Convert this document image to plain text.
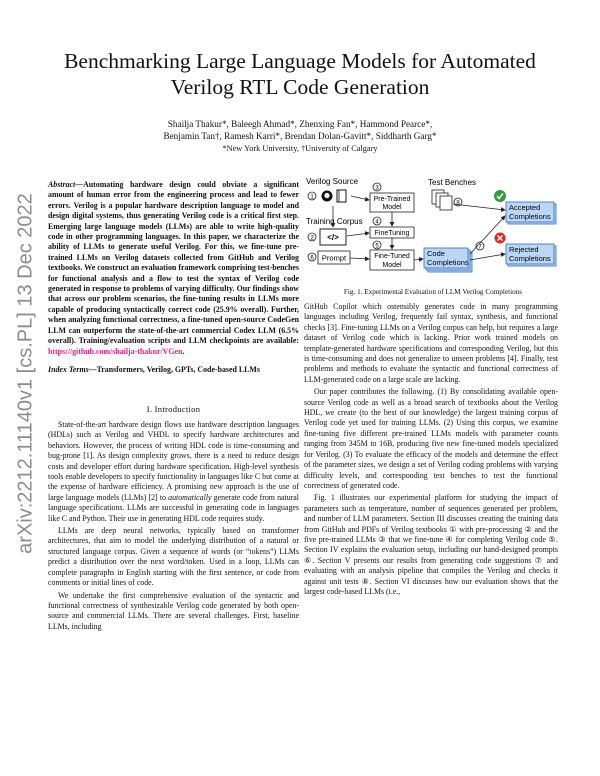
Benchmarking Large Language Models for Automated Verilog RTL Code Generation
Shailja Thakur*, Baleegh Ahmad*, Zhenxing Fan*, Hammond Pearce*,
Benjamin Tan†, Ramesh Karri*, Brendan Dolan-Gavitt*, Siddharth Garg*
*New York University, †University of Calgary
arXiv:2212.11140v1 [cs.PL] 13 Dec 2022
Abstract—Automating hardware design could obviate a significant amount of human error from the engineering process and lead to fewer errors. Verilog is a popular hardware description language to model and design digital systems, thus generating Verilog code is a critical first step. Emerging large language models (LLMs) are able to write high-quality code in other programming languages. In this paper, we characterize the ability of LLMs to generate useful Verilog. For this, we fine-tune pre-trained LLMs on Verilog datasets collected from GitHub and Verilog textbooks. We construct an evaluation framework comprising test-benches for functional analysis and a flow to test the syntax of Verilog code generated in response to problems of varying difficulty. Our findings show that across our problem scenarios, the fine-tuning results in LLMs more capable of producing syntactically correct code (25.9% overall). Further, when analyzing functional correctness, a fine-tuned open-source CodeGen LLM can outperform the state-of-the-art commercial Codex LLM (6.5% overall). Training/evaluation scripts and LLM checkpoints are available: https://github.com/shailja-thakur/VGen.
Index Terms—Transformers, Verilog, GPTs, Code-based LLMs
I. Introduction

State-of-the-art hardware design flows use hardware description languages (HDLs) such as Verilog and VHDL to specify hardware architectures and behaviors. However, the process of writing HDL code is time-consuming and bug-prone [1]. As design complexity grows, there is a need to reduce design costs and developer effort during hardware specification. High-level synthesis tools enable developers to specify functionality in languages like C but come at the expense of hardware efficiency. A promising new approach is the use of large language models (LLMs) [2] to automatically generate code from natural language specifications. LLMs are successful in generating code in languages like C and Python. Their use in generating HDL code requires study.

LLMs are deep neural networks, typically based on transformer architectures, that aim to model the underlying distribution of a natural or structured language corpus. Given a sequence of words (or “tokens”) LLMs predict a distribution over the next word/token. Used in a loop, LLMs can complete paragraphs in English starting with the first sentence, or code from comments or initial lines of code.

We undertake the first comprehensive evaluation of the syntactic and functional correctness of synthesizable Verilog code generated by both open-source and commercial LLMs. There are several challenges. First, baseline LLMs, including

Verilog Source	Test Benches
Training Corpus
1
3
Pre-Trained
Model
2 </>
4
FineTuning
5
6 Prompt	Fine-Tuned
Model
8
Code
Completions
7
Accepted
Completions
Rejected
Completions
Fig. 1. Experimental Evaluation of LLM Verilog Completions

GitHub Copilot which ostensibly generates code in many programming languages including Verilog, frequently fail syntax, synthesis, and functional checks [3]. Fine-tuning LLMs on a Verilog corpus can help, but requires a large dataset of Verilog code which is lacking. Prior work trained models on template-generated hardware specifications and corresponding Verilog, but this is time-consuming and does not generalize to unseen problems [4]. Finally, test problems and methods to evaluate the syntactic and functional correctness of LLM-generated code on a large scale are lacking.

Our paper contributes the following. (1) By consolidating available open-source Verilog code as well as a broad search of textbooks about the Verilog HDL, we create (to the best of our knowledge) the largest training corpus of Verilog code yet used for training LLMs. (2) Using this corpus, we examine fine-tuning five different pre-trained LLMs models with parameter counts ranging from 345M to 16B, producing five new fine-tuned models specialized for Verilog. (3) To evaluate the efficacy of the models and determine the effect of the parameter sizes, we design a set of Verilog coding problems with varying difficulty levels, and corresponding test benches to test the functional correctness of generated code.

Fig. 1 illustrates our experimental platform for studying the impact of parameters such as temperature, number of sequences generated per problem, and number of LLM parameters. Section III discusses creating the training data from GitHub and PDFs of Verilog textbooks ① with pre-processing ② and the five pre-trained LLMs ③ that we fine-tune ④ for completing Verilog code ⑤. Section IV explains the evaluation setup, including our hand-designed prompts ⑥. Section V presents our results from generating code suggestions ⑦ and evaluating with an analysis pipeline that compiles the Verilog and checks it against unit tests ⑧. Section VI discusses how our evaluation shows that the largest code-based LLMs (i.e.,
